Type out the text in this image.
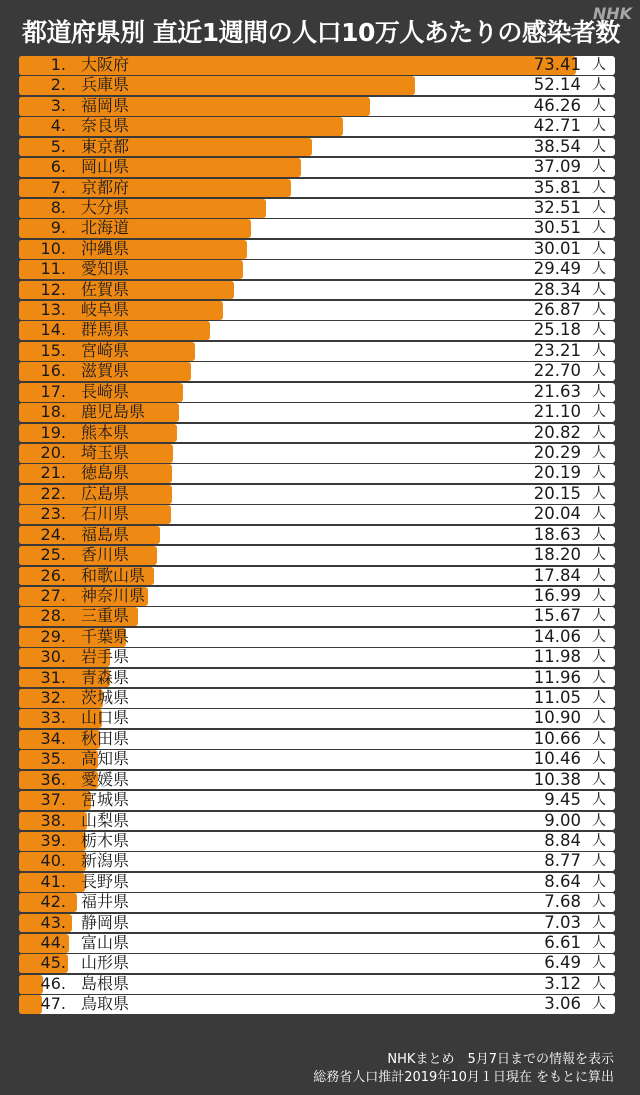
都道府県別 直近1週間の人口10万人あたりの感染者数
NHK
1. 大阪府	73.41 人
2. 兵庫県	52.14 人
3. 福岡県	46.26 人
4. 奈良県	42.71 人
5. 東京都	38.54 人
6. 岡山県	37.09 人
7. 京都府	35.81 人
8. 大分県	32.51 人
9. 北海道	30.51 人
10. 沖縄県	30.01 人
11. 愛知県	29.49 人
12. 佐賀県	28.34 人
13. 岐阜県	26.87 人
14. 群馬県	25.18 人
15. 宮崎県	23.21 人
16. 滋賀県	22.70 人
17. 長崎県	21.63 人
18. 鹿児島県	21.10 人
19. 熊本県	20.82 人
20. 埼玉県	20.29 人
21. 徳島県	20.19 人
22. 広島県	20.15 人
23. 石川県	20.04 人
24. 福島県	18.63 人
25. 香川県	18.20 人
26. 和歌山県	17.84 人
27. 神奈川県	16.99 人
28. 三重県	15.67 人
29. 千葉県	14.06 人
30. 岩手県	11.98 人
31. 青森県	11.96 人
32. 茨城県	11.05 人
33. 山口県	10.90 人
34. 秋田県	10.66 人
35. 高知県	10.46 人
36. 愛媛県	10.38 人
37. 宮城県	9.45 人
38. 山梨県	9.00 人
39. 栃木県	8.84 人
40. 新潟県	8.77 人
41. 長野県	8.64 人
42. 福井県	7.68 人
43. 静岡県	7.03 人
44. 富山県	6.61 人
45. 山形県	6.49 人
46. 島根県	3.12 人
47. 鳥取県	3.06 人
NHKまとめ　5月7日までの情報を表示
総務省人口推計2019年10月１日現在 をもとに算出
